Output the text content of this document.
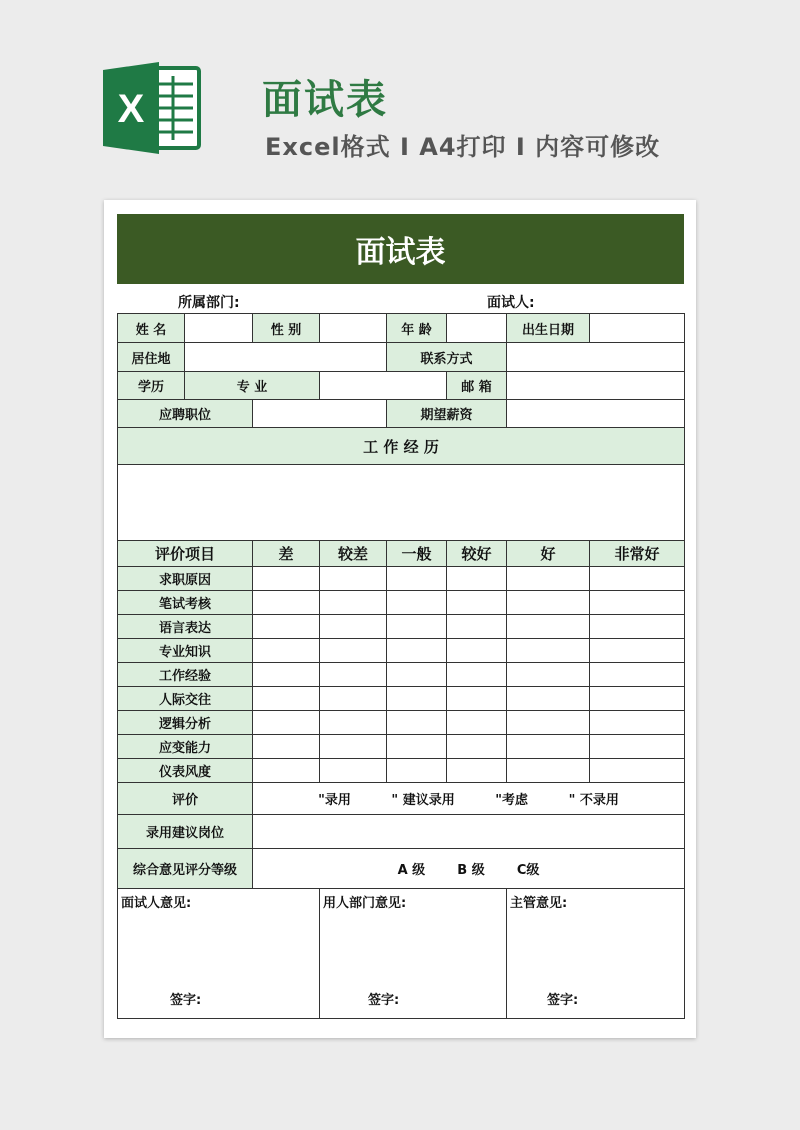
X	面试表
Excel格式 I A4打印 I 内容可修改
面试表
所属部门:	面试人:
姓 名		性 别		年 龄		出生日期	
居住地				联系方式			
学历	专 业				邮 箱		
应聘职位				期望薪资			
工 作 经 历							

评价项目		差	较差	一般	较好	好	非常好
求职原因							
笔试考核							
语言表达							
专业知识							
工作经验							
人际交往							
逻辑分析							
应变能力							
仪表风度							
评价		"录用 " 建议录用 "考虑 " 不录用					
录用建议岗位							
综合意见评分等级		A 级 B 级 C级					

面试人意见:
签字:			用人部门意见:
签字:			主管意见:
签字:	
